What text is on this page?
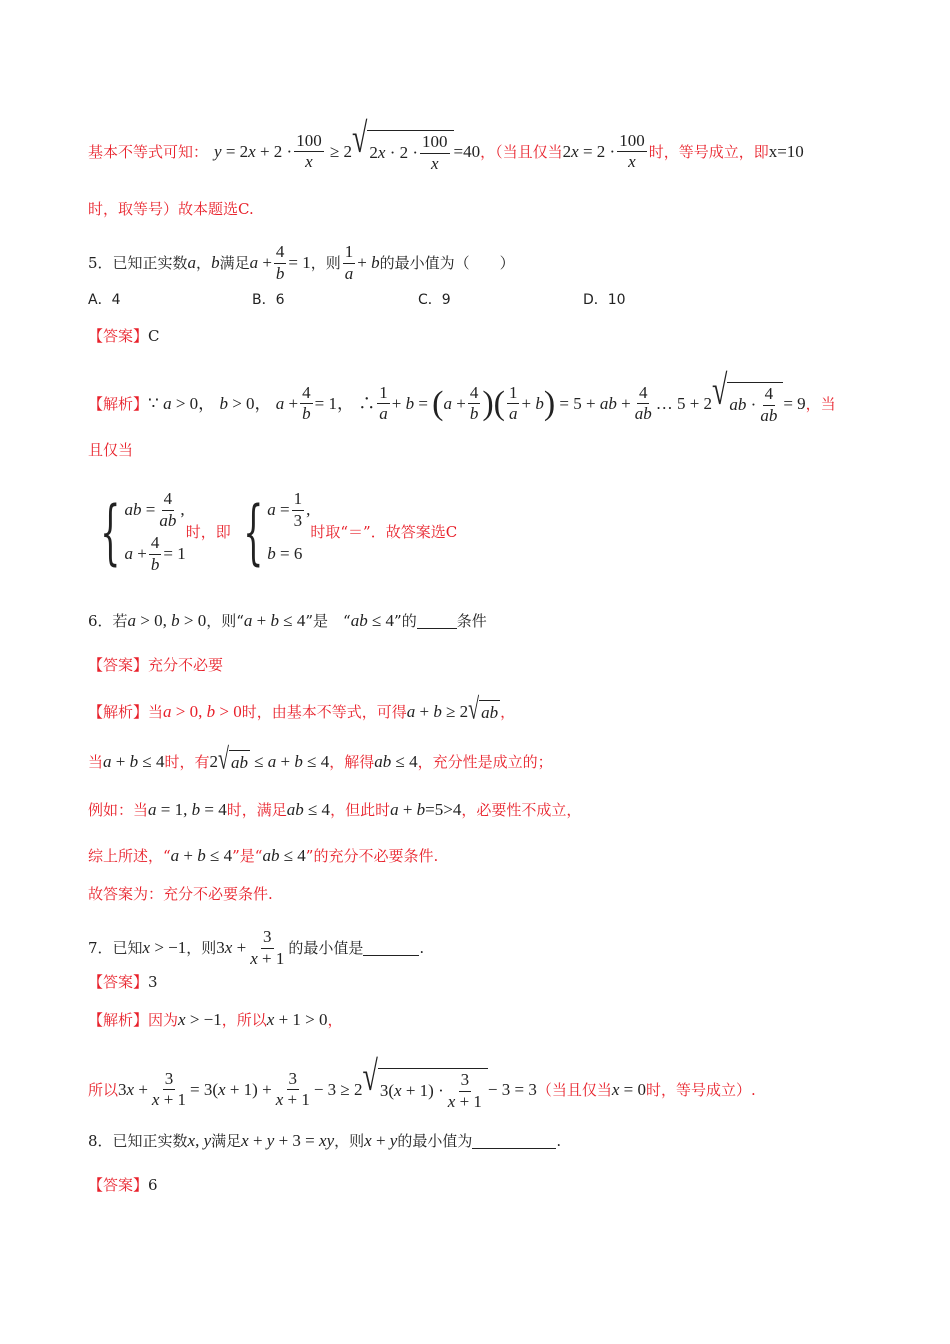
基本不等式可知： y = 2 $x + 2 \cdot \frac{100}{x} \ge 2$ √ 2 $x \cdot 2 \cdot \frac{100}{x} =40$ ，（当且仅当 2 $x = 2 \cdot \frac{100}{x}$ 时，等号成立，即 x=10
时，取等号）故本题选C.
5．已知正实数 a ， b 满足 $a + \frac{4}{b} = 1$ ，则 $\frac{1}{a} + b$ 的最小值为（　　）
A．4	B．6	C．9	D．10
【答案】 C
【解析】 ∵ a > 0， b > 0， $a + \frac{4}{b} = 1$， ∴ $\frac{1}{a} + b$ = ( $a + \frac{4}{b}$ )( $\frac{1}{a} + b$ ) = 5 + ab + $\frac{4}{ab}$ … 5 + 2 √ ab · $\frac{4}{ab} = 9$ ，当
且仅当
{ ab = $\frac{4}{ab}$ ,
$a + \frac{4}{b} = 1$
时，即 { $a = \frac{1}{3}$ ,
b = 6
时取“＝”．故答案选C
6．若 a > 0, b > 0 ，则“ a + b ≤ 4 ”是　“ ab ≤ 4 ”的	条件
【答案】 充分不必要
【解析】 当 a > 0, b > 0 时，由基本不等式，可得 a + b ≥ 2 √ ab ，
当 a + b ≤ 4 时，有 2 √ ab ≤ a + b ≤ 4 ，解得 ab ≤ 4 ，充分性是成立的；
例如：当 a = 1, b = 4 时，满足 ab ≤ 4 ，但此时 a + b=5>4 ，必要性不成立，
综上所述，“ a + b ≤ 4 ”是“ ab ≤ 4 ”的充分不必要条件.
故答案为：充分不必要条件.
7．已知 x > −1 ，则 3 $x + \frac{3}{x + 1}$ 的最小值是	.
【答案】 3
【解析】 因为 x > −1 ，所以 x + 1 > 0 ，
所以 3 $x + \frac{3}{x + 1} = 3$( $x + 1) + \frac{3}{x + 1} - 3 \ge 2$ √ 3( $x + 1) \cdot \frac{3}{x + 1} - 3 = 3$ （当且仅当 x = 0 时，等号成立）.
8．已知正实数 x, y 满足 x + y + 3 = xy ，则 x + y 的最小值为	.
【答案】 6
